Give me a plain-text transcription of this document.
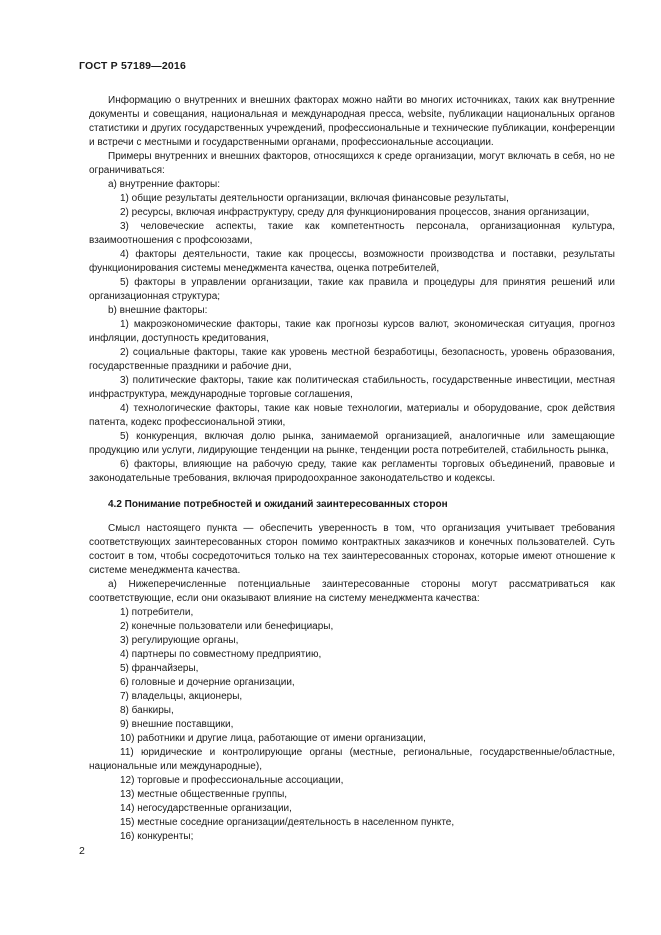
ГОСТ Р 57189—2016

Информацию о внутренних и внешних факторах можно найти во многих источниках, таких как внутренние документы и совещания, национальная и международная пресса, website, публикации национальных органов статистики и других государственных учреждений, профессиональные и технические публикации, конференции и встречи с местными и государственными органами, профессиональные ассоциации.

Примеры внутренних и внешних факторов, относящихся к среде организации, могут включать в себя, но не ограничиваться:

а) внутренние факторы:

1) общие результаты деятельности организации, включая финансовые результаты,

2) ресурсы, включая инфраструктуру, среду для функционирования процессов, знания организации,

3) человеческие аспекты, такие как компетентность персонала, организационная культура, взаимоотношения с профсоюзами,

4) факторы деятельности, такие как процессы, возможности производства и поставки, результаты функционирования системы менеджмента качества, оценка потребителей,

5) факторы в управлении организации, такие как правила и процедуры для принятия решений или организационная структура;

b) внешние факторы:

1) макроэкономические факторы, такие как прогнозы курсов валют, экономическая ситуация, прогноз инфляции, доступность кредитования,

2) социальные факторы, такие как уровень местной безработицы, безопасность, уровень образования, государственные праздники и рабочие дни,

3) политические факторы, такие как политическая стабильность, государственные инвестиции, местная инфраструктура, международные торговые соглашения,

4) технологические факторы, такие как новые технологии, материалы и оборудование, срок действия патента, кодекс профессиональной этики,

5) конкуренция, включая долю рынка, занимаемой организацией, аналогичные или замещающие продукцию или услуги, лидирующие тенденции на рынке, тенденции роста потребителей, стабильность рынка,

6) факторы, влияющие на рабочую среду, такие как регламенты торговых объединений, правовые и законодательные требования, включая природоохранное законодательство и кодексы.

4.2 Понимание потребностей и ожиданий заинтересованных сторон

Смысл настоящего пункта — обеспечить уверенность в том, что организация учитывает требования соответствующих заинтересованных сторон помимо контрактных заказчиков и конечных пользователей. Суть состоит в том, чтобы сосредоточиться только на тех заинтересованных сторонах, которые имеют отношение к системе менеджмента качества.

а) Нижеперечисленные потенциальные заинтересованные стороны могут рассматриваться как соответствующие, если они оказывают влияние на систему менеджмента качества:

1) потребители,

2) конечные пользователи или бенефициары,

3) регулирующие органы,

4) партнеры по совместному предприятию,

5) франчайзеры,

6) головные и дочерние организации,

7) владельцы, акционеры,

8) банкиры,

9) внешние поставщики,

10) работники и другие лица, работающие от имени организации,

11) юридические и контролирующие органы (местные, региональные, государственные/областные, национальные или международные),

12) торговые и профессиональные ассоциации,

13) местные общественные группы,

14) негосударственные организации,

15) местные соседние организации/деятельность в населенном пункте,

16) конкуренты;

2
